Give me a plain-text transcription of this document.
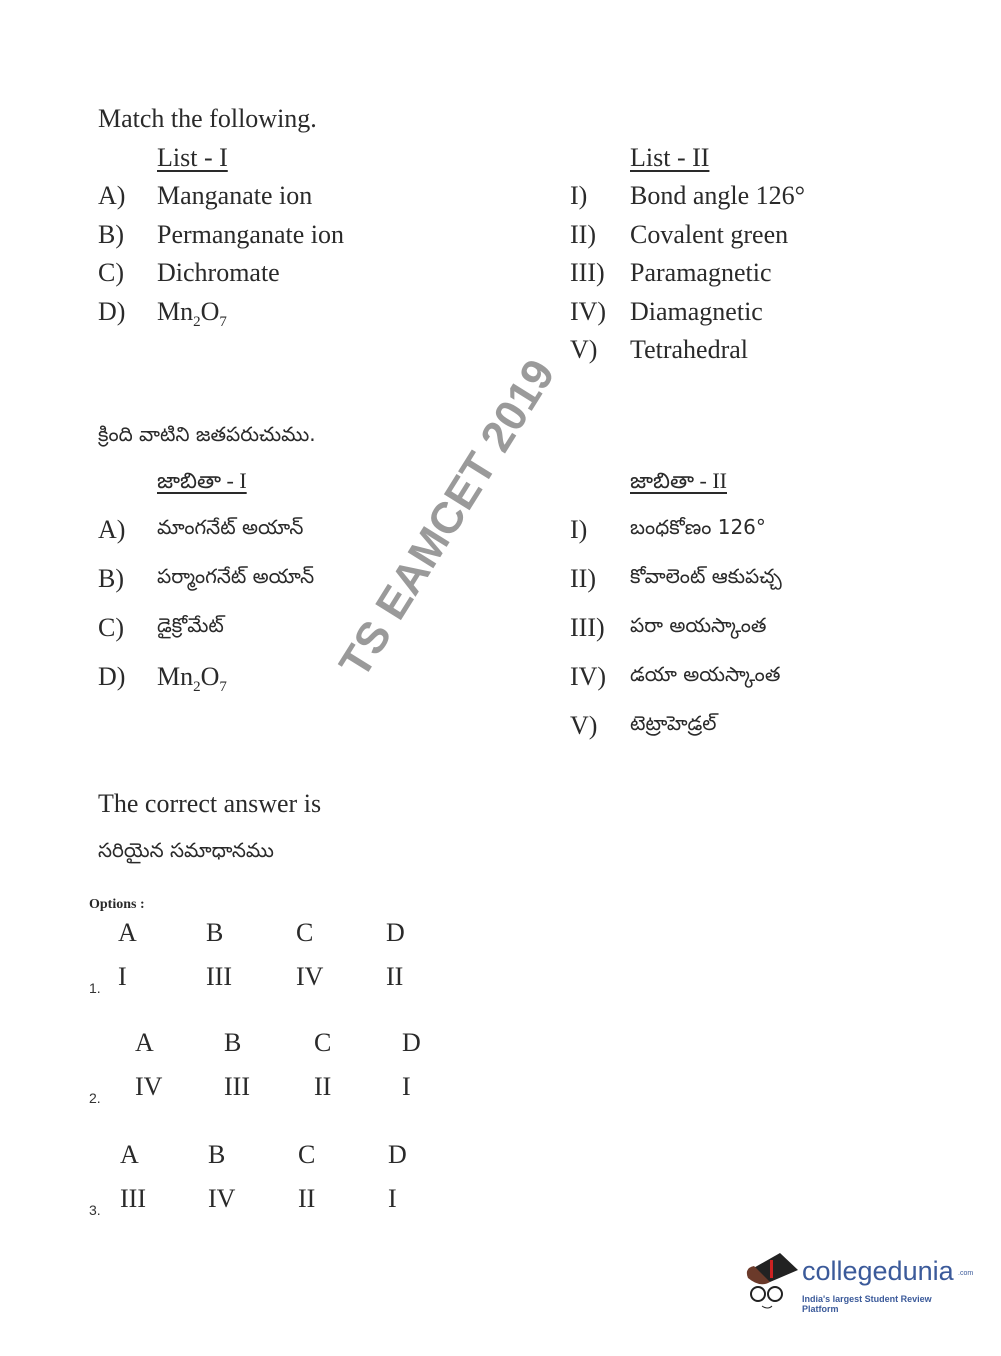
Match the following.
List - I	List - II
A) Manganate ion
B) Permanganate ion
C) Dichromate
D) $Mn_2O_7$
I) Bond angle 126°
II) Covalent green
III) Paramagnetic
IV) Diamagnetic
V) Tetrahedral
క్రింది వాటిని జతపరుచుము.
జాబితా - I	జాబితా - II
A) మాంగనేట్ అయాన్
B) పర్మాంగనేట్ అయాన్
C) డైక్రోమేట్
D) $Mn_2O_7$
I) బంధకోణం 126°
II) కోవాలెంట్ ఆకుపచ్చ
III) పరా అయస్కాంత
IV) డయా అయస్కాంత
V) టెట్రాహెడ్రల్
The correct answer is
సరియైన సమాధానము
Options :
1.
A
I
B
III
C
IV
D
II
2.
A
IV
B
III
C
II
D
I
3.
A
III
B
IV
C
II
D
I
TS EAMCET 2019
collegedunia .com
India's largest Student Review Platform
